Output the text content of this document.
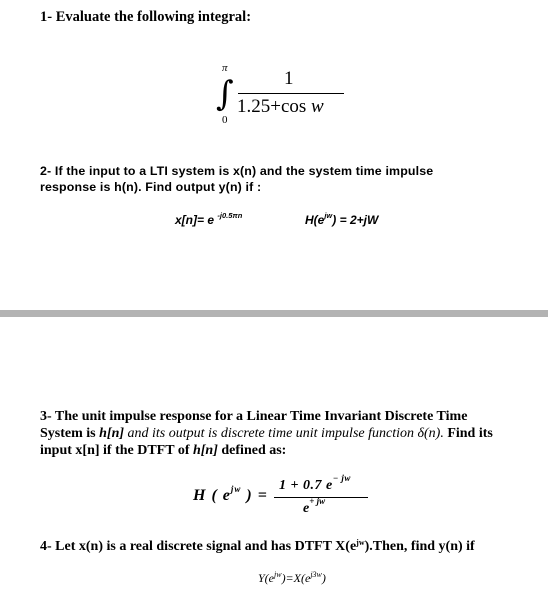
1- Evaluate the following integral:
π
∫
0
1
1.25+cos w
2- If the input to a LTI system is x(n) and the system time impulse
response is h(n). Find output y(n) if :
x[n]= e $^{-j0.5\pi n}$	$H(e^{jw}) = 2+jW$
3- The unit impulse response for a Linear Time Invariant Discrete Time
System is h[n] and its output is discrete time unit impulse function δ(n). Find its
input x[n] if the DTFT of h[n] defined as:
H ( $e^{jw}$ ) =
1 + 0.7 $e^{- jw}$
$e^{+ jw}$
4- Let x(n) is a real discrete signal and has DTFT $X(e^{jw}).Then$, find y(n) if
$Y(e^{jw})=X(e^{j3w})$
